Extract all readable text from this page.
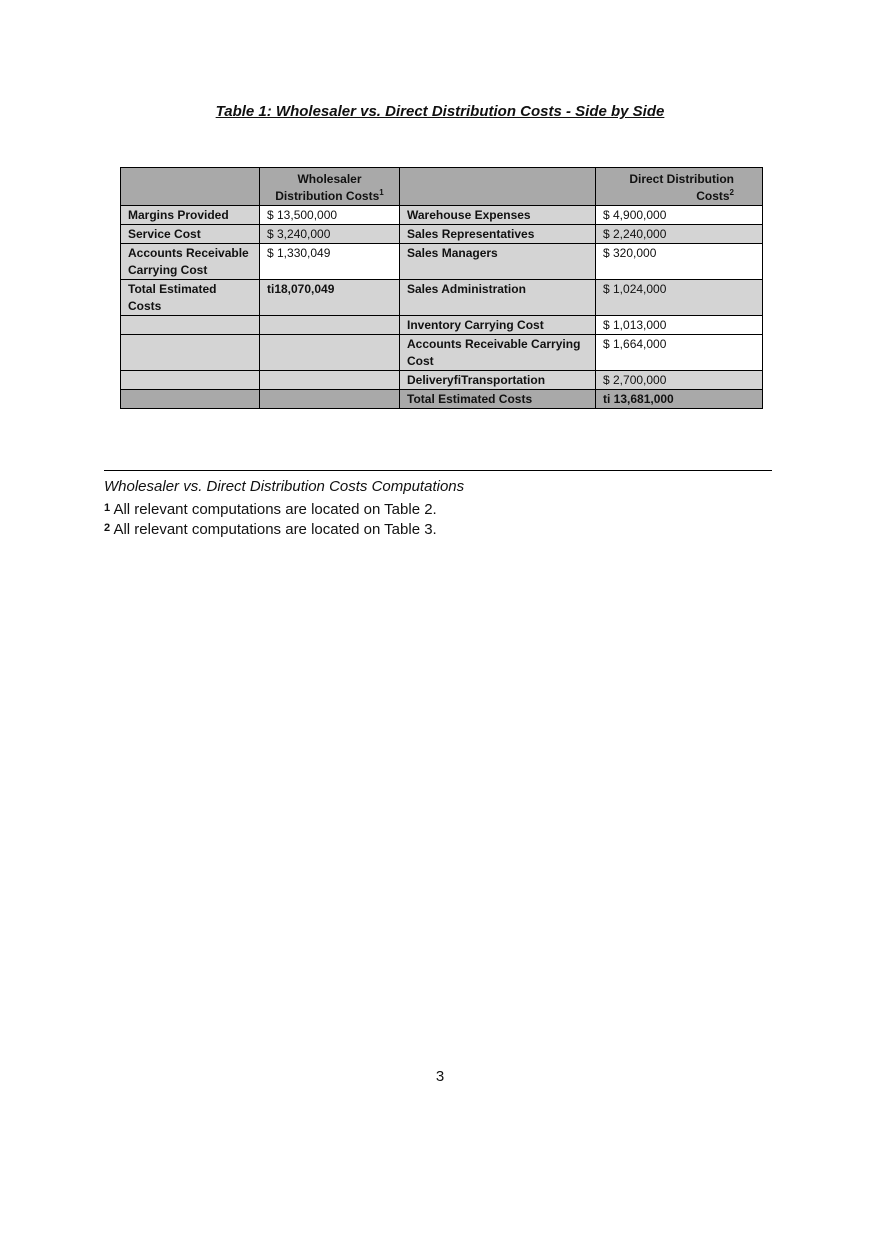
Table 1: Wholesaler vs. Direct Distribution Costs - Side by Side
	Wholesaler Distribution Costs$^1$		Direct Distribution Costs$^2$
Margins Provided	$ 13,500,000	Warehouse Expenses	$ 4,900,000
Service Cost	$ 3,240,000	Sales Representatives	$ 2,240,000
Accounts Receivable Carrying Cost	$ 1,330,049	Sales Managers	$ 320,000
Total Estimated Costs	ti18,070,049	Sales Administration	$ 1,024,000
		Inventory Carrying Cost	$ 1,013,000
		Accounts Receivable Carrying Cost	$ 1,664,000
		DeliveryfiTransportation	$ 2,700,000
		Total Estimated Costs	ti 13,681,000
Wholesaler vs. Direct Distribution Costs Computations
$^1$ All relevant computations are located on Table 2.
$^2$ All relevant computations are located on Table 3.
3
